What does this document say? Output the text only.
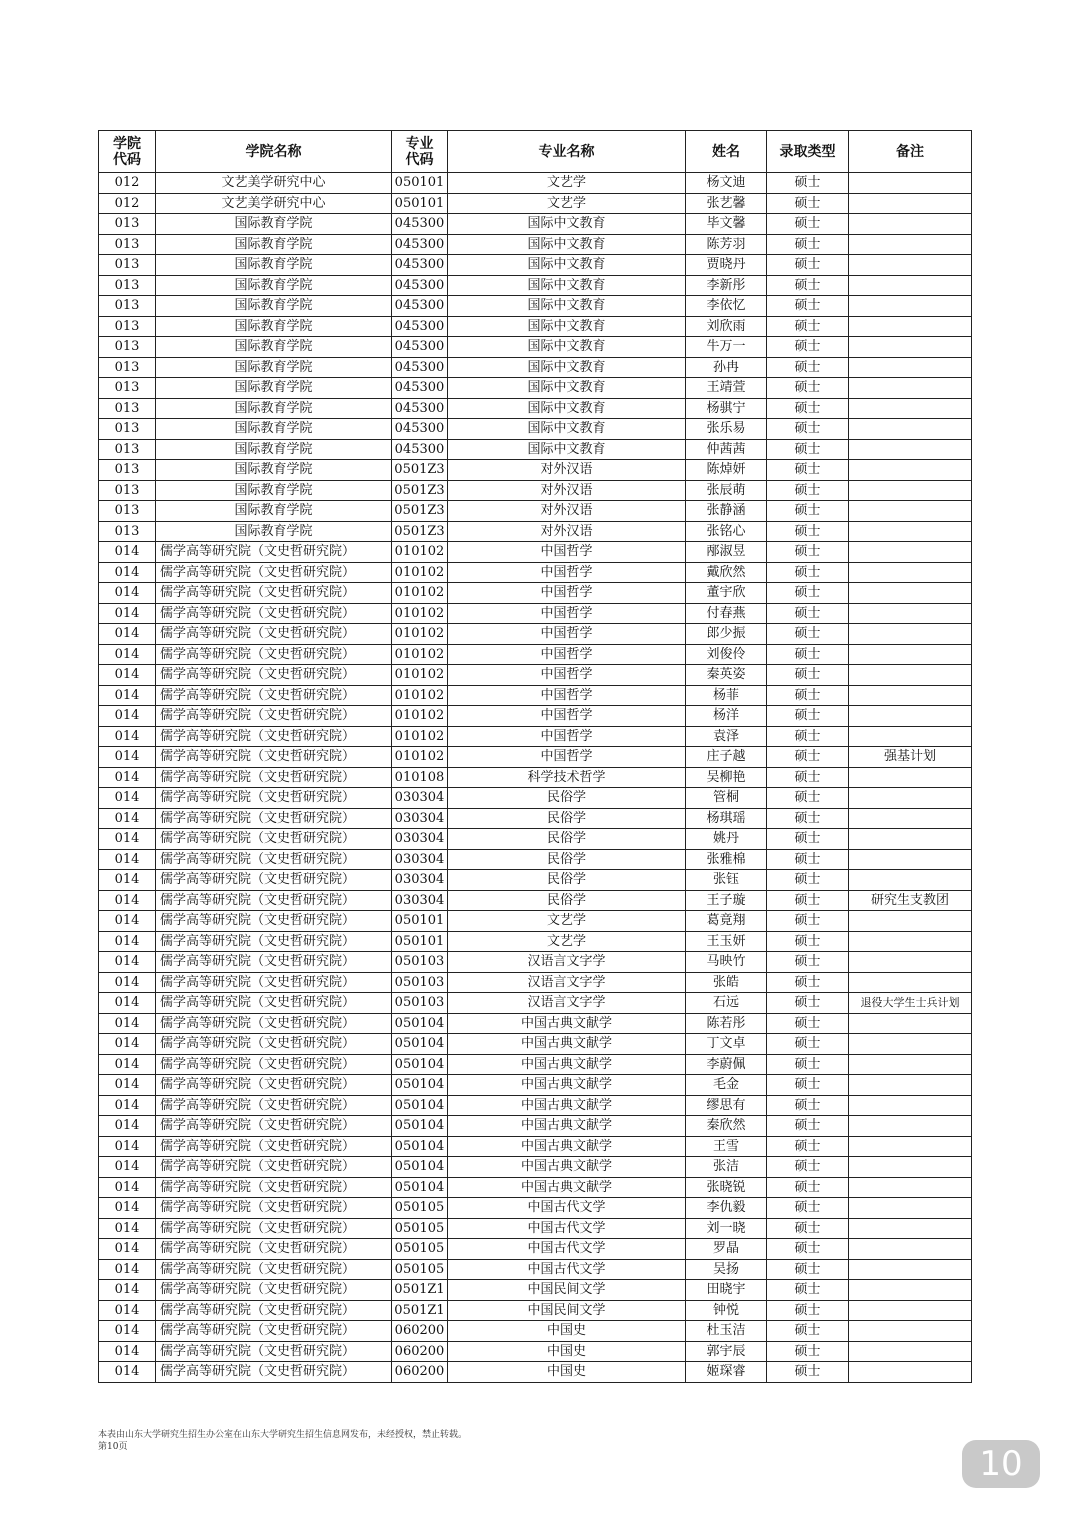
学院代码	学院名称	专业代码	专业名称	姓名	录取类型	备注
012	文艺美学研究中心	050101	文艺学	杨文迪	硕士	
012	文艺美学研究中心	050101	文艺学	张艺馨	硕士	
013	国际教育学院	045300	国际中文教育	毕文馨	硕士	
013	国际教育学院	045300	国际中文教育	陈芳羽	硕士	
013	国际教育学院	045300	国际中文教育	贾晓丹	硕士	
013	国际教育学院	045300	国际中文教育	李新彤	硕士	
013	国际教育学院	045300	国际中文教育	李依忆	硕士	
013	国际教育学院	045300	国际中文教育	刘欣雨	硕士	
013	国际教育学院	045300	国际中文教育	牛万一	硕士	
013	国际教育学院	045300	国际中文教育	孙冉	硕士	
013	国际教育学院	045300	国际中文教育	王靖萱	硕士	
013	国际教育学院	045300	国际中文教育	杨骐宁	硕士	
013	国际教育学院	045300	国际中文教育	张乐易	硕士	
013	国际教育学院	045300	国际中文教育	仲茜茜	硕士	
013	国际教育学院	0501Z3	对外汉语	陈焯妍	硕士	
013	国际教育学院	0501Z3	对外汉语	张辰萌	硕士	
013	国际教育学院	0501Z3	对外汉语	张静涵	硕士	
013	国际教育学院	0501Z3	对外汉语	张铭心	硕士	
014	儒学高等研究院（文史哲研究院）	010102	中国哲学	邴淑昱	硕士	
014	儒学高等研究院（文史哲研究院）	010102	中国哲学	戴欣然	硕士	
014	儒学高等研究院（文史哲研究院）	010102	中国哲学	董宇欣	硕士	
014	儒学高等研究院（文史哲研究院）	010102	中国哲学	付春燕	硕士	
014	儒学高等研究院（文史哲研究院）	010102	中国哲学	郎少振	硕士	
014	儒学高等研究院（文史哲研究院）	010102	中国哲学	刘俊伶	硕士	
014	儒学高等研究院（文史哲研究院）	010102	中国哲学	秦英姿	硕士	
014	儒学高等研究院（文史哲研究院）	010102	中国哲学	杨菲	硕士	
014	儒学高等研究院（文史哲研究院）	010102	中国哲学	杨洋	硕士	
014	儒学高等研究院（文史哲研究院）	010102	中国哲学	袁泽	硕士	
014	儒学高等研究院（文史哲研究院）	010102	中国哲学	庄子越	硕士	强基计划
014	儒学高等研究院（文史哲研究院）	010108	科学技术哲学	吴柳艳	硕士	
014	儒学高等研究院（文史哲研究院）	030304	民俗学	管桐	硕士	
014	儒学高等研究院（文史哲研究院）	030304	民俗学	杨琪瑶	硕士	
014	儒学高等研究院（文史哲研究院）	030304	民俗学	姚丹	硕士	
014	儒学高等研究院（文史哲研究院）	030304	民俗学	张雅棉	硕士	
014	儒学高等研究院（文史哲研究院）	030304	民俗学	张钰	硕士	
014	儒学高等研究院（文史哲研究院）	030304	民俗学	王子璇	硕士	研究生支教团
014	儒学高等研究院（文史哲研究院）	050101	文艺学	葛竟翔	硕士	
014	儒学高等研究院（文史哲研究院）	050101	文艺学	王玉妍	硕士	
014	儒学高等研究院（文史哲研究院）	050103	汉语言文字学	马映竹	硕士	
014	儒学高等研究院（文史哲研究院）	050103	汉语言文字学	张皓	硕士	
014	儒学高等研究院（文史哲研究院）	050103	汉语言文字学	石远	硕士	退役大学生士兵计划
014	儒学高等研究院（文史哲研究院）	050104	中国古典文献学	陈若彤	硕士	
014	儒学高等研究院（文史哲研究院）	050104	中国古典文献学	丁文卓	硕士	
014	儒学高等研究院（文史哲研究院）	050104	中国古典文献学	李蔚佩	硕士	
014	儒学高等研究院（文史哲研究院）	050104	中国古典文献学	毛金	硕士	
014	儒学高等研究院（文史哲研究院）	050104	中国古典文献学	缪思有	硕士	
014	儒学高等研究院（文史哲研究院）	050104	中国古典文献学	秦欣然	硕士	
014	儒学高等研究院（文史哲研究院）	050104	中国古典文献学	王雪	硕士	
014	儒学高等研究院（文史哲研究院）	050104	中国古典文献学	张洁	硕士	
014	儒学高等研究院（文史哲研究院）	050104	中国古典文献学	张晓锐	硕士	
014	儒学高等研究院（文史哲研究院）	050105	中国古代文学	李仇毅	硕士	
014	儒学高等研究院（文史哲研究院）	050105	中国古代文学	刘一晓	硕士	
014	儒学高等研究院（文史哲研究院）	050105	中国古代文学	罗晶	硕士	
014	儒学高等研究院（文史哲研究院）	050105	中国古代文学	吴扬	硕士	
014	儒学高等研究院（文史哲研究院）	0501Z1	中国民间文学	田晓宇	硕士	
014	儒学高等研究院（文史哲研究院）	0501Z1	中国民间文学	钟悦	硕士	
014	儒学高等研究院（文史哲研究院）	060200	中国史	杜玉洁	硕士	
014	儒学高等研究院（文史哲研究院）	060200	中国史	郭宇辰	硕士	
014	儒学高等研究院（文史哲研究院）	060200	中国史	姬琛睿	硕士	
本表由山东大学研究生招生办公室在山东大学研究生招生信息网发布，未经授权，禁止转载。
第10页	10
